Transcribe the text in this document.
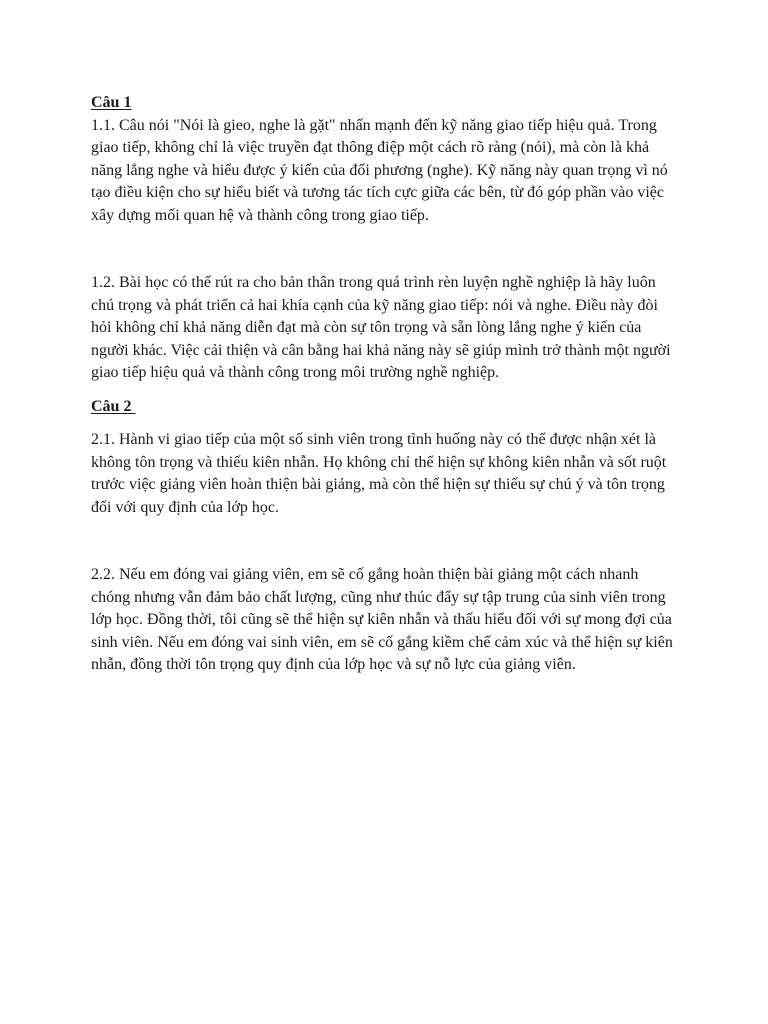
Câu 1

1.1. Câu nói "Nói là gieo, nghe là gặt" nhấn mạnh đến kỹ năng giao tiếp hiệu quả. Trong giao tiếp, không chỉ là việc truyền đạt thông điệp một cách rõ ràng (nói), mà còn là khả năng lắng nghe và hiểu được ý kiến của đối phương (nghe). Kỹ năng này quan trọng vì nó tạo điều kiện cho sự hiểu biết và tương tác tích cực giữa các bên, từ đó góp phần vào việc xây dựng mối quan hệ và thành công trong giao tiếp.

1.2. Bài học có thể rút ra cho bản thân trong quá trình rèn luyện nghề nghiệp là hãy luôn chú trọng và phát triển cả hai khía cạnh của kỹ năng giao tiếp: nói và nghe. Điều này đòi hỏi không chỉ khả năng diễn đạt mà còn sự tôn trọng và sẵn lòng lắng nghe ý kiến của người khác. Việc cải thiện và cân bằng hai khả năng này sẽ giúp mình trở thành một người giao tiếp hiệu quả và thành công trong môi trường nghề nghiệp.

Câu 2

2.1. Hành vi giao tiếp của một số sinh viên trong tình huống này có thể được nhận xét là không tôn trọng và thiếu kiên nhẫn. Họ không chỉ thể hiện sự không kiên nhẫn và sốt ruột trước việc giảng viên hoàn thiện bài giảng, mà còn thể hiện sự thiếu sự chú ý và tôn trọng đối với quy định của lớp học.

2.2. Nếu em đóng vai giảng viên, em sẽ cố gắng hoàn thiện bài giảng một cách nhanh chóng nhưng vẫn đảm bảo chất lượng, cũng như thúc đẩy sự tập trung của sinh viên trong lớp học. Đồng thời, tôi cũng sẽ thể hiện sự kiên nhẫn và thấu hiểu đối với sự mong đợi của sinh viên. Nếu em đóng vai sinh viên, em sẽ cố gắng kiềm chế cảm xúc và thể hiện sự kiên nhẫn, đồng thời tôn trọng quy định của lớp học và sự nỗ lực của giảng viên.
